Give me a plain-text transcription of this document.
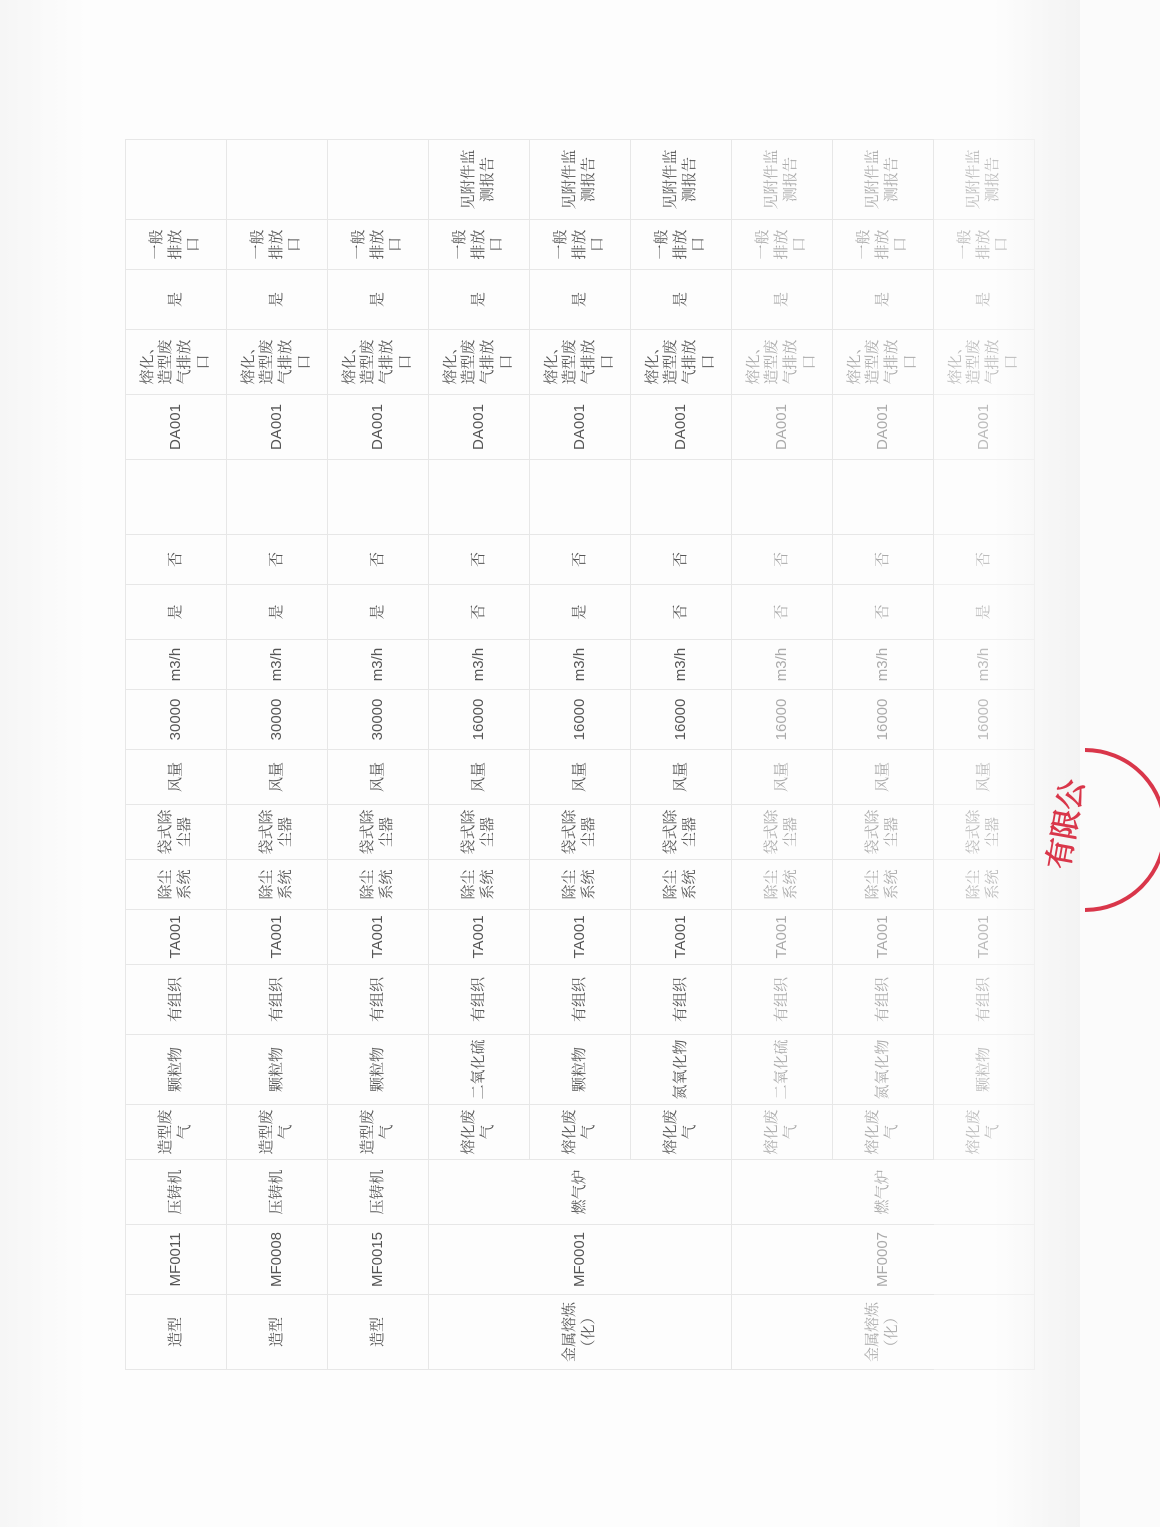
造型	MF0011	压铸机	造型废气	颗粒物	有组织	TA001	除尘系统	袋式除尘器	风量	30000	m3/h	是	否		DA001	熔化、造型废气排放口	是	一般排放口	
造型	MF0008	压铸机	造型废气	颗粒物	有组织	TA001	除尘系统	袋式除尘器	风量	30000	m3/h	是	否		DA001	熔化、造型废气排放口	是	一般排放口	
造型	MF0015	压铸机	造型废气	颗粒物	有组织	TA001	除尘系统	袋式除尘器	风量	30000	m3/h	是	否		DA001	熔化、造型废气排放口	是	一般排放口	
			熔化废气	二氧化硫	有组织	TA001	除尘系统	袋式除尘器	风量	16000	m3/h	否	否		DA001	熔化、造型废气排放口	是	一般排放口	见附件监测报告
金属熔炼（化）	MF0001	燃气炉	熔化废气	颗粒物	有组织	TA001	除尘系统	袋式除尘器	风量	16000	m3/h	是	否		DA001	熔化、造型废气排放口	是	一般排放口	见附件监测报告
			熔化废气	氮氧化物	有组织	TA001	除尘系统	袋式除尘器	风量	16000	m3/h	否	否		DA001	熔化、造型废气排放口	是	一般排放口	见附件监测报告
			熔化废气	二氧化硫	有组织	TA001	除尘系统	袋式除尘器	风量	16000	m3/h	否	否		DA001	熔化、造型废气排放口	是	一般排放口	见附件监测报告
金属熔炼（化）	MF0007	燃气炉	熔化废气	氮氧化物	有组织	TA001	除尘系统	袋式除尘器	风量	16000	m3/h	否	否		DA001	熔化、造型废气排放口	是	一般排放口	见附件监测报告
			熔化废气	颗粒物	有组织	TA001	除尘系统	袋式除尘器	风量	16000	m3/h	是	否		DA001	熔化、造型废气排放口	是	一般排放口	见附件监测报告
有限公
